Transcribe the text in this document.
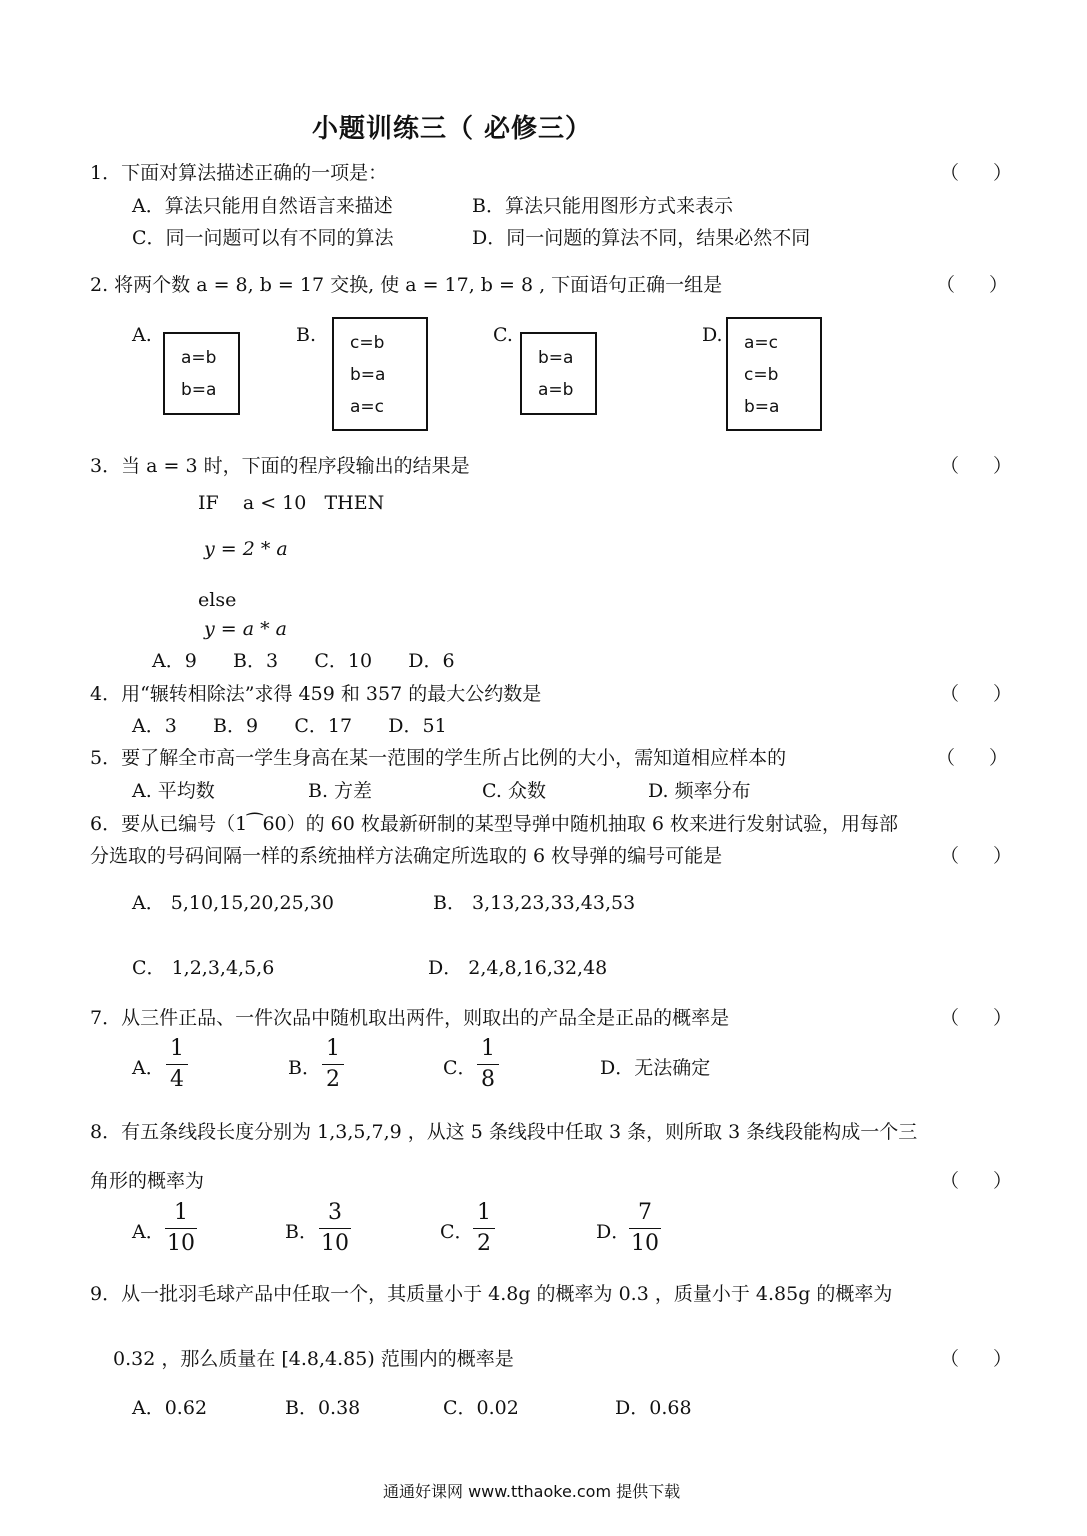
小题训练三（ 必修三）
1．下面对算法描述正确的一项是：	（ ）
A．算法只能用自然语言来描述	B．算法只能用图形方式来表示
C．同一问题可以有不同的算法	D．同一问题的算法不同，结果必然不同
2. 将两个数 a = 8, b = 17 交换, 使 a = 17, b = 8 , 下面语句正确一组是	（ ）
A.
a=b
b=a
B. c=b
b=a
a=c
C.
b=a
a=b
D. a=c
c=b
b=a
3．当 a = 3 时，下面的程序段输出的结果是	（ ）
IF    a < 10   THEN
y = 2 * a
else
y = a * a
A．9      B．3      C．10      D．6
4．用“辗转相除法”求得 459 和 357 的最大公约数是	（ ）
A．3      B．9      C．17      D．51
5．要了解全市高一学生身高在某一范围的学生所占比例的大小，需知道相应样本的	（ ）
A. 平均数	B. 方差	C. 众数	D. 频率分布
6．要从已编号（1⁀60）的 60 枚最新研制的某型导弹中随机抽取 6 枚来进行发射试验，用每部
分选取的号码间隔一样的系统抽样方法确定所选取的 6 枚导弹的编号可能是	（ ）
A． 5,10,15,20,25,30	B． 3,13,23,33,43,53
C． 1,2,3,4,5,6	D． 2,4,8,16,32,48
7．从三件正品、一件次品中随机取出两件，则取出的产品全是正品的概率是	（ ）
A．
1
4	B．
1
2	C．
1
8	D．无法确定
8．有五条线段长度分别为 1,3,5,7,9 ，从这 5 条线段中任取 3 条，则所取 3 条线段能构成一个三
角形的概率为	（ ）
A．
1
10	B．
3
10	C．
1
2	D．
7
10
9．从一批羽毛球产品中任取一个，其质量小于 4.8g 的概率为 0.3 ，质量小于 4.85g 的概率为
0.32 ，那么质量在 [4.8,4.85) 范围内的概率是	（ ）
A．0.62	B．0.38	C．0.02	D．0.68
通通好课网 www.tthaoke.com 提供下载
